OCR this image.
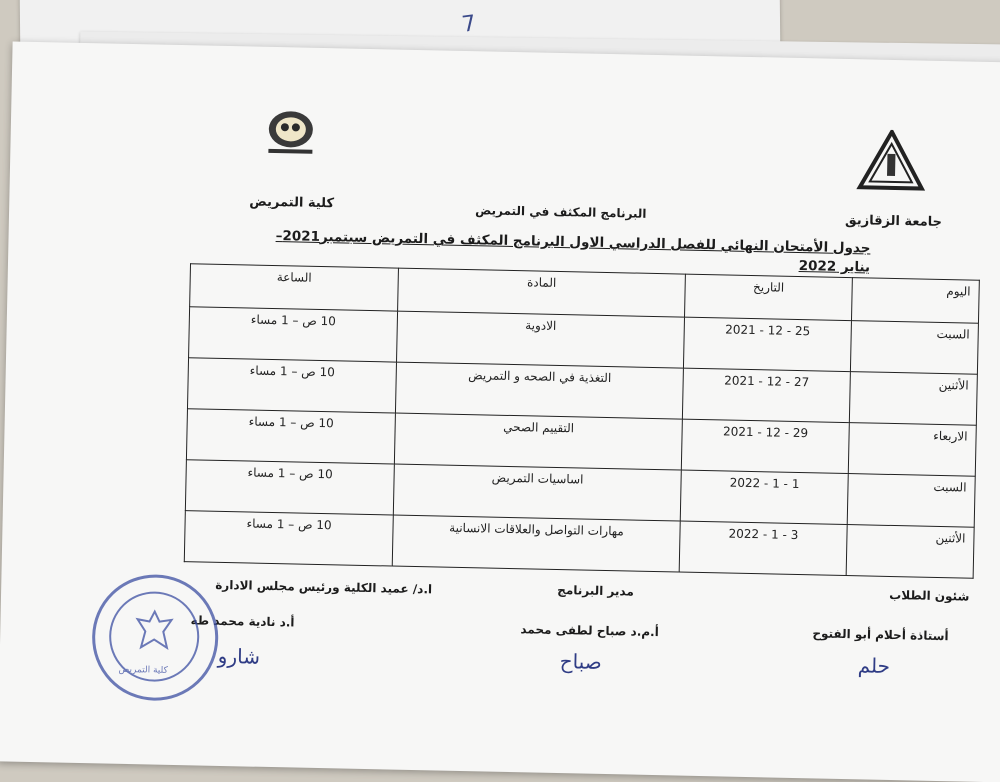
7
جامعة الزقازيق
البرنامج المكثف في التمريض
كلية التمريض
جدول الأمتحان النهائي للفصل الدراسي الاول البرنامج المكثف في التمريض سبتمبر2021– يناير 2022
اليوم	التاريخ	المادة	الساعة
السبت	25 - 12 - 2021	الادوية	10 ص – 1 مساء
الأثنين	27 - 12 - 2021	التغذية في الصحه و التمريض	10 ص – 1 مساء
الاربعاء	29 - 12 - 2021	التقييم الصحي	10 ص – 1 مساء
السبت	1 - 1 - 2022	اساسيات التمريض	10 ص – 1 مساء
الأثنين	3 - 1 - 2022	مهارات التواصل والعلاقات الانسانية	10 ص – 1 مساء
شئون الطلاب
أستاذة أحلام أبو الفتوح
ﺣﻠﻢ
مدير البرنامج
أ.م.د صباح لطفى محمد
ﺻﺒﺎﺡ
ا.د/ عميد الكلية ورئيس مجلس الادارة
أ.د نادية محمد طه
ﺷﺎﺭﻭ
كلية التمريض
